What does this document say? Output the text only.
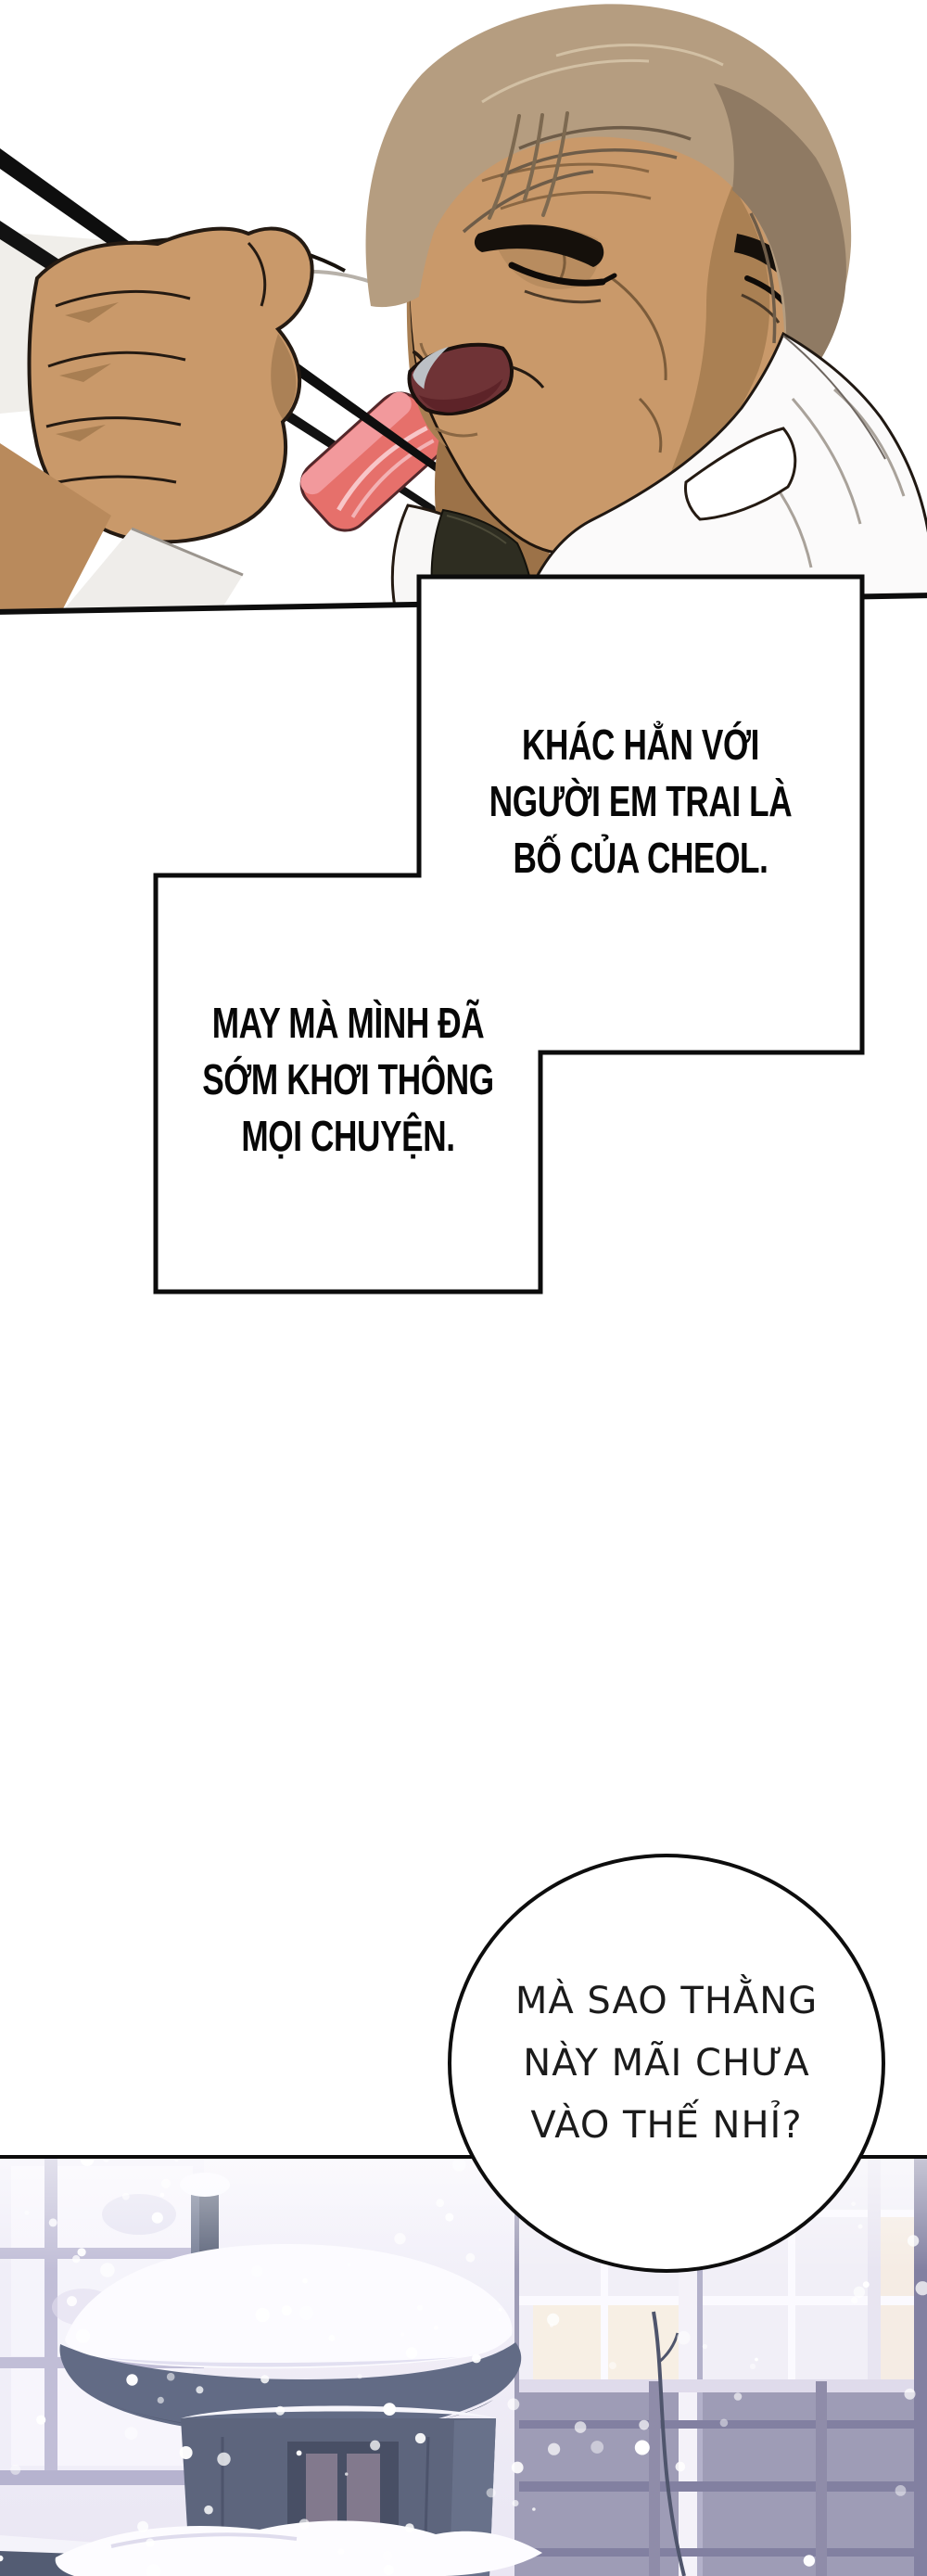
KHÁC HẲN VỚI
NGƯỜI EM TRAI LÀ
BỐ CỦA CHEOL.
MAY MÀ MÌNH ĐÃ
SỚM KHƠI THÔNG
MỌI CHUYỆN.
MÀ SAO THẰNG
NÀY MÃI CHƯA
VÀO THẾ NHỈ?
